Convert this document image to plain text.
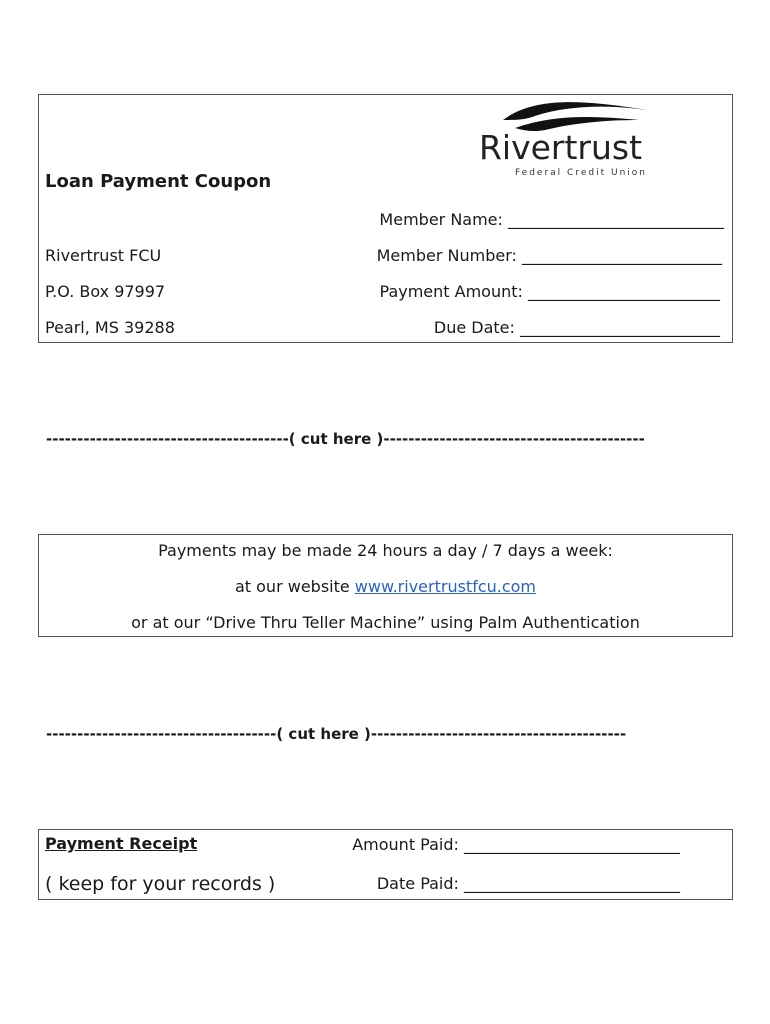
Rivertrust
Federal Credit Union
Loan Payment Coupon
Rivertrust FCU
P.O. Box 97997
Pearl, MS 39288
Member Name: ___________________________
Member Number: _________________________
Payment Amount: ________________________
Due Date: _________________________
---------------------------------------( cut here )------------------------------------------
Payments may be made 24 hours a day / 7 days a week:
at our website www.rivertrustfcu.com
or at our “Drive Thru Teller Machine” using Palm Authentication
-------------------------------------( cut here )-----------------------------------------
Payment Receipt
( keep for your records )
Amount Paid: ___________________________
Date Paid: ___________________________
